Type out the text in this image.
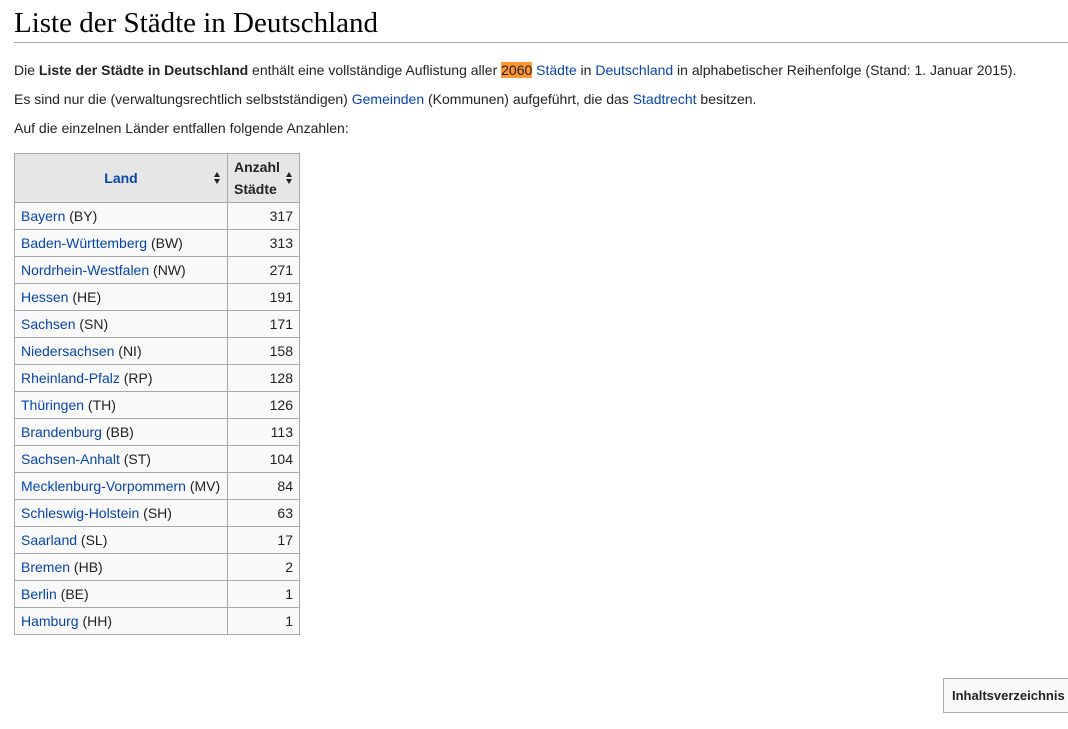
Liste der Städte in Deutschland

Die Liste der Städte in Deutschland enthält eine vollständige Auflistung aller 2060 Städte in Deutschland in alphabetischer Reihenfolge (Stand: 1. Januar 2015).

Es sind nur die (verwaltungsrechtlich selbstständigen) Gemeinden (Kommunen) aufgeführt, die das Stadtrecht besitzen.

Auf die einzelnen Länder entfallen folgende Anzahlen:

Land	Anzahl
Städte

Bayern (BY)	317
Baden-Württemberg (BW)	313
Nordrhein-Westfalen (NW)	271
Hessen (HE)	191
Sachsen (SN)	171
Niedersachsen (NI)	158
Rheinland-Pfalz (RP)	128
Thüringen (TH)	126
Brandenburg (BB)	113
Sachsen-Anhalt (ST)	104
Mecklenburg-Vorpommern (MV)	84
Schleswig-Holstein (SH)	63
Saarland (SL)	17
Bremen (HB)	2
Berlin (BE)	1
Hamburg (HH)	1
Inhaltsverzeichnis
